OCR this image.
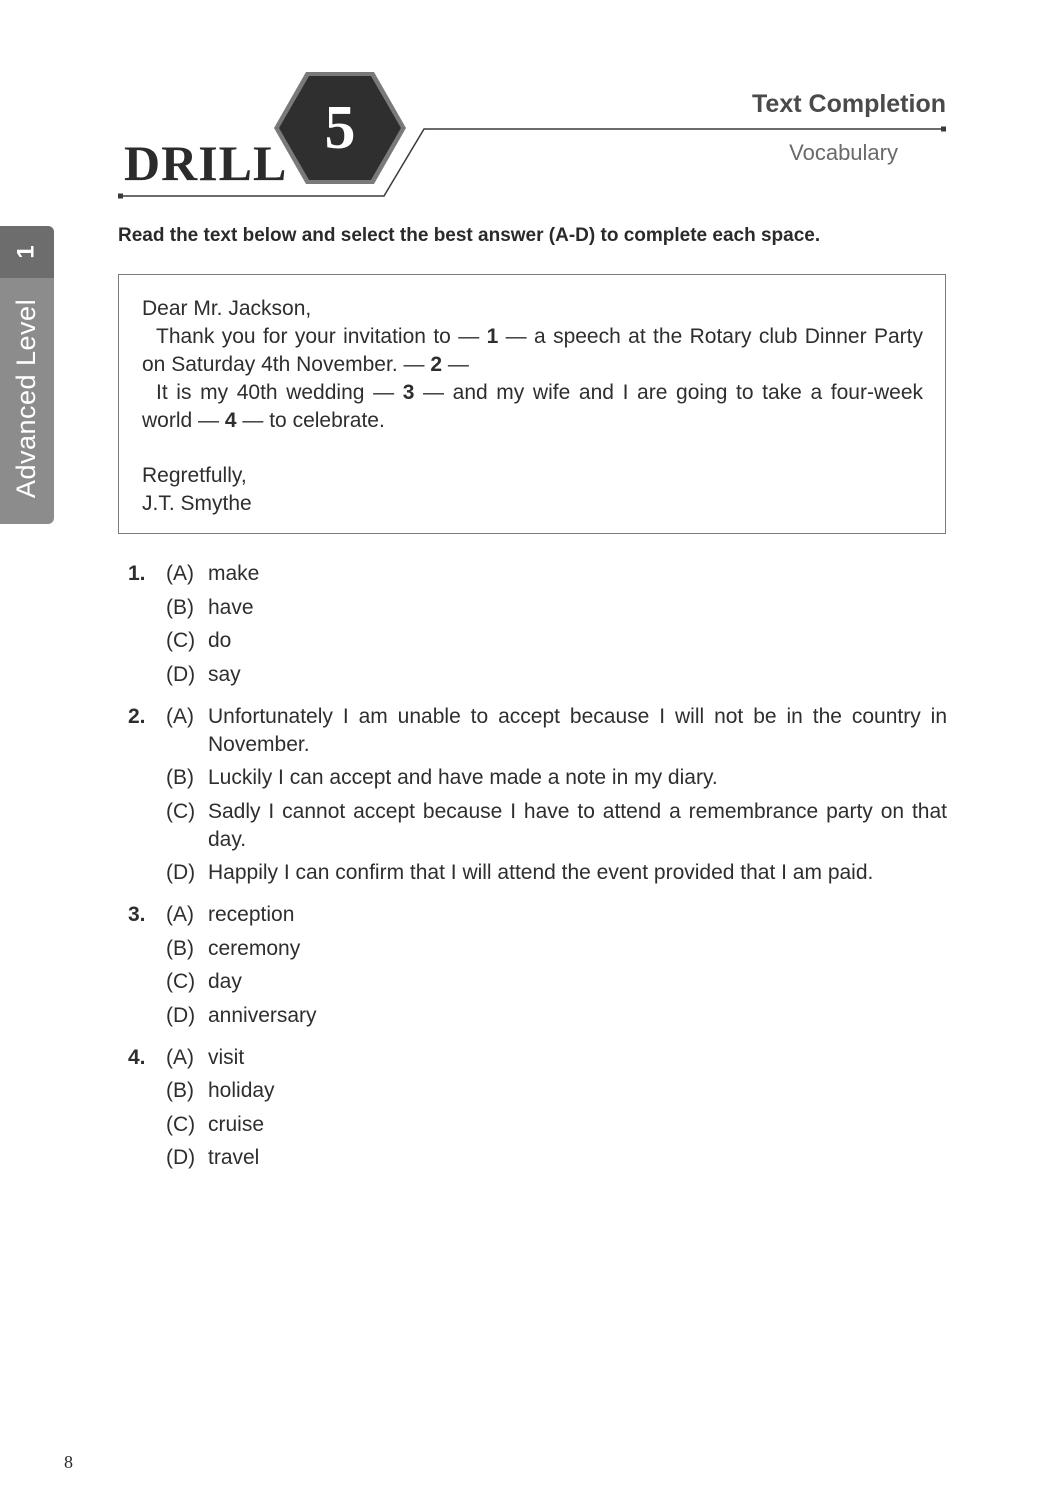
DRILL
5	Text Completion
Vocabulary
1
Advanced Level
Read the text below and select the best answer (A-D) to complete each space.

Dear Mr. Jackson,

Thank you for your invitation to — 1 — a speech at the Rotary club Dinner Party on Saturday 4th November. — 2 —

It is my 40th wedding — 3 — and my wife and I are going to take a four-week world — 4 — to celebrate.

Regretfully,

J.T. Smythe

1. (A) make
(B) have
(C) do
(D) say
2. (A) Unfortunately I am unable to accept because I will not be in the country in November.
(B) Luckily I can accept and have made a note in my diary.
(C) Sadly I cannot accept because I have to attend a remembrance party on that day.
(D) Happily I can confirm that I will attend the event provided that I am paid.
3. (A) reception
(B) ceremony
(C) day
(D) anniversary
4. (A) visit
(B) holiday
(C) cruise
(D) travel
8
